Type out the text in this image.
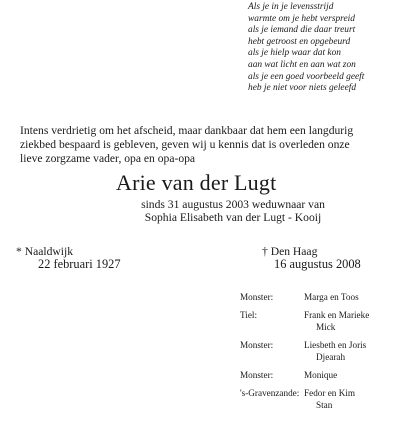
Als je in je levensstrijd
warmte om je hebt verspreid
als je iemand die daar treurt
hebt getroost en opgebeurd
als je hielp waar dat kon
aan wat licht en aan wat zon
als je een goed voorbeeld geeft
heb je niet voor niets geleefd
Intens verdrietig om het afscheid, maar dankbaar dat hem een langdurig
ziekbed bespaard is gebleven, geven wij u kennis dat is overleden onze
lieve zorgzame vader, opa en opa-opa
Arie van der Lugt
sinds 31 augustus 2003 weduwnaar van
Sophia Elisabeth van der Lugt - Kooij
* Naaldwijk
22 februari 1927
† Den Haag
16 augustus 2008
Monster:	Marga en Toos
Tiel:	Frank en Marieke
Mick
Monster:	Liesbeth en Joris
Djearah
Monster:	Monique
's-Gravenzande: Fedor en Kim
Stan
